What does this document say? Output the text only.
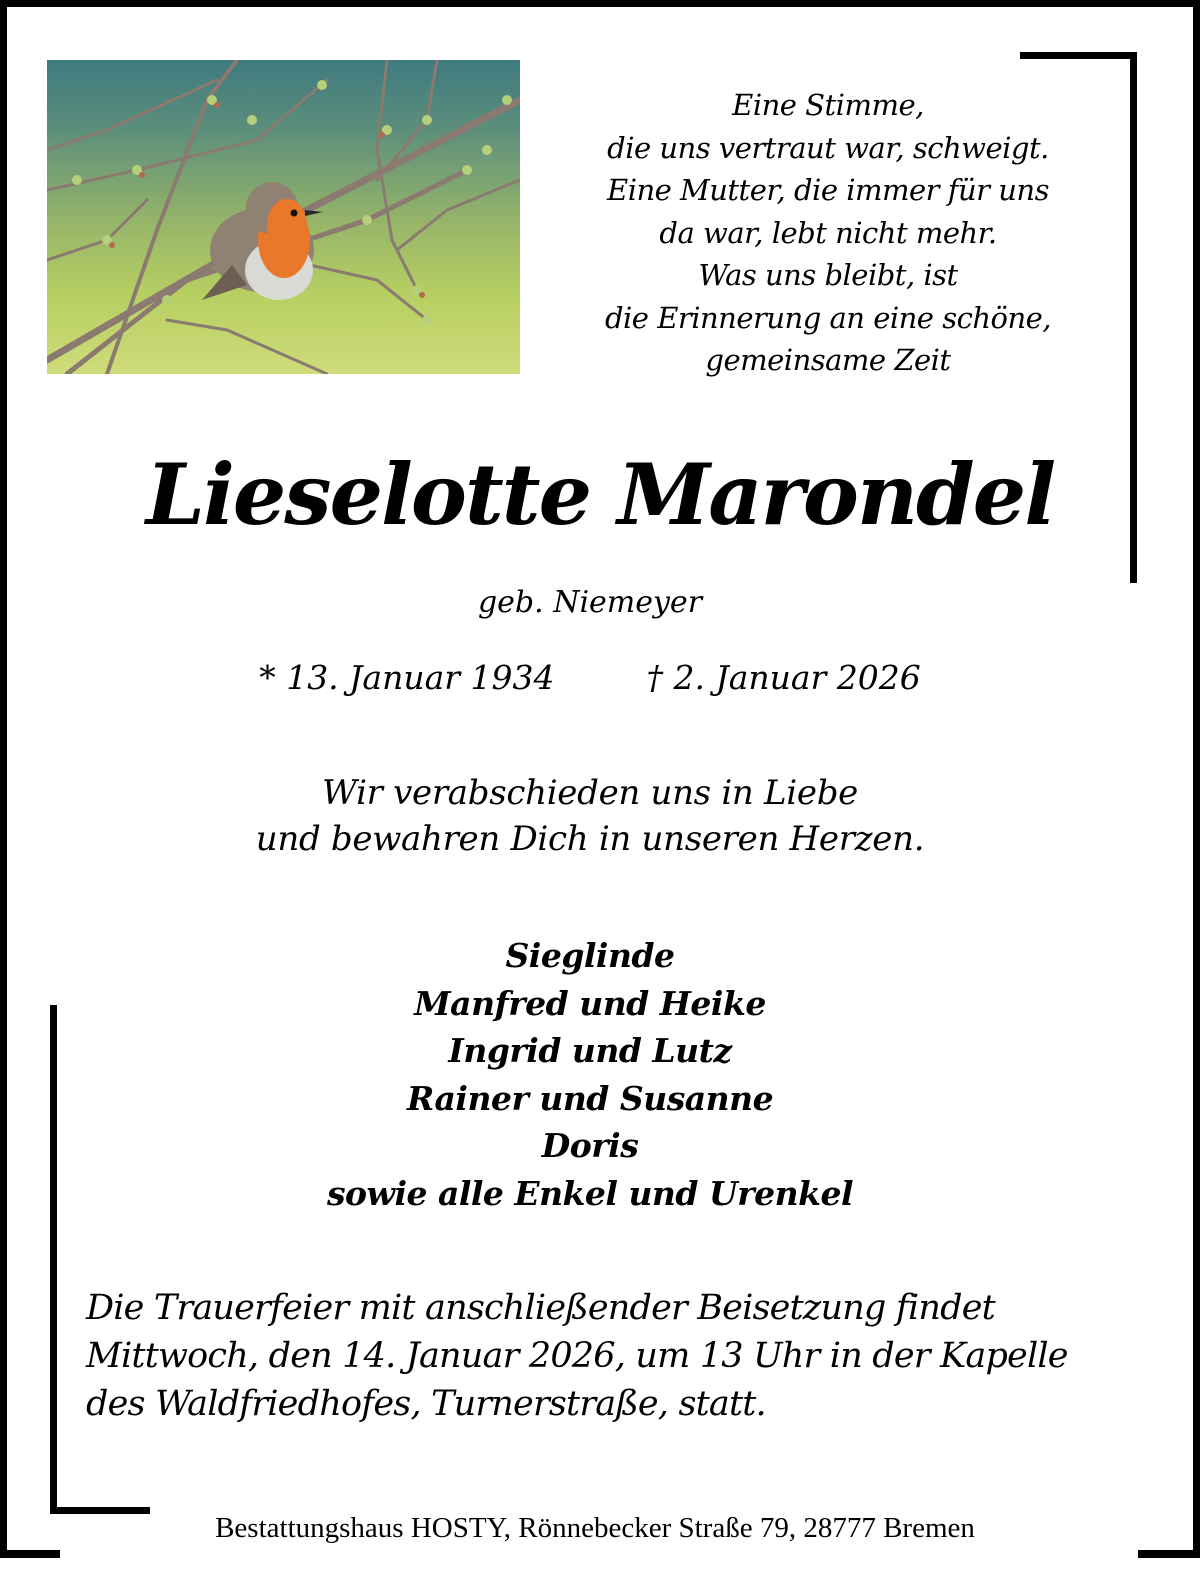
Eine Stimme,
die uns vertraut war, schweigt.
Eine Mutter, die immer für uns
da war, lebt nicht mehr.
Was uns bleibt, ist
die Erinnerung an eine schöne,
gemeinsame Zeit
Lieselotte Marondel
geb. Niemeyer
* 13. Januar 1934	† 2. Januar 2026
Wir verabschieden uns in Liebe
und bewahren Dich in unseren Herzen.
Sieglinde
Manfred und Heike
Ingrid und Lutz
Rainer und Susanne
Doris
sowie alle Enkel und Urenkel
Die Trauerfeier mit anschließender Beisetzung findet
Mittwoch, den 14. Januar 2026, um 13 Uhr in der Kapelle
des Waldfriedhofes, Turnerstraße, statt.
Bestattungshaus HOSTY, Rönnebecker Straße 79, 28777 Bremen
